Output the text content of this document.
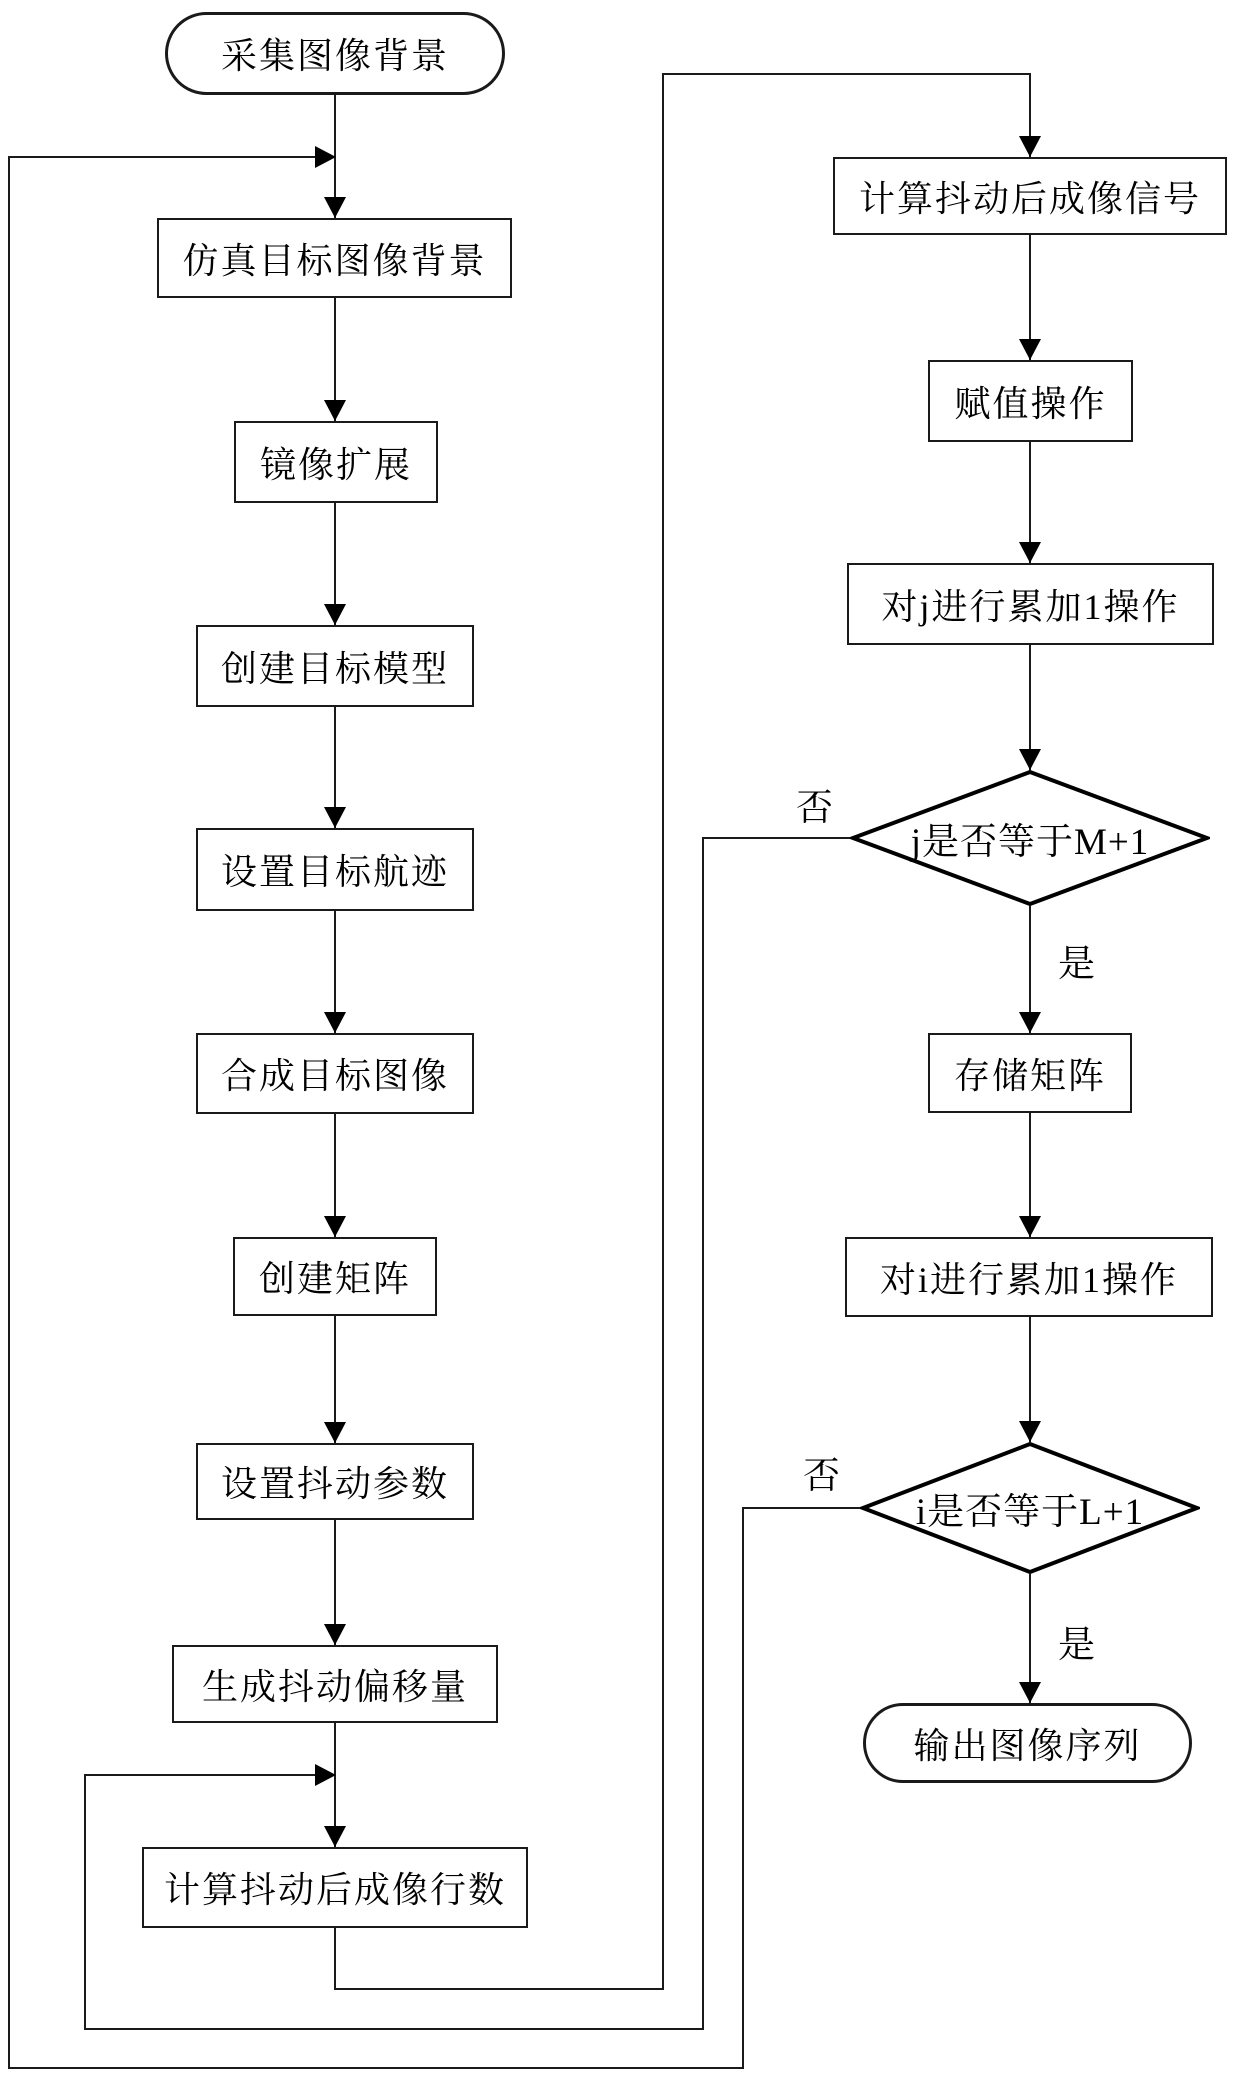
采集图像背景
仿真目标图像背景
镜像扩展
创建目标模型
设置目标航迹
合成目标图像
创建矩阵
设置抖动参数
生成抖动偏移量
计算抖动后成像行数
计算抖动后成像信号
赋值操作
对j进行累加1操作
j是否等于M+1
存储矩阵
对i进行累加1操作
i是否等于L+1
输出图像序列
否
是
否
是
